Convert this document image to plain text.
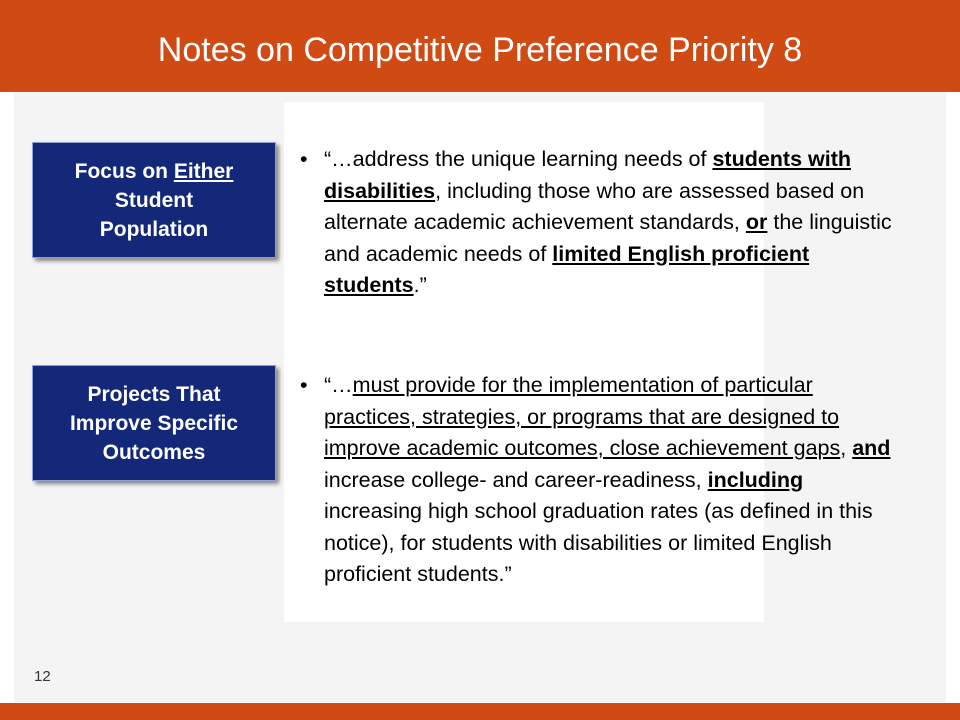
Notes on Competitive Preference Priority 8
Focus on Either
Student
Population
Projects That
Improve Specific
Outcomes
• “…address the unique learning needs of students with disabilities, including those who are assessed based on alternate academic achievement standards, or the linguistic and academic needs of limited English proficient students.”
• “…must provide for the implementation of particular practices, strategies, or programs that are designed to improve academic outcomes, close achievement gaps, and increase college- and career-readiness, including increasing high school graduation rates (as defined in this notice), for students with disabilities or limited English proficient students.”
12
